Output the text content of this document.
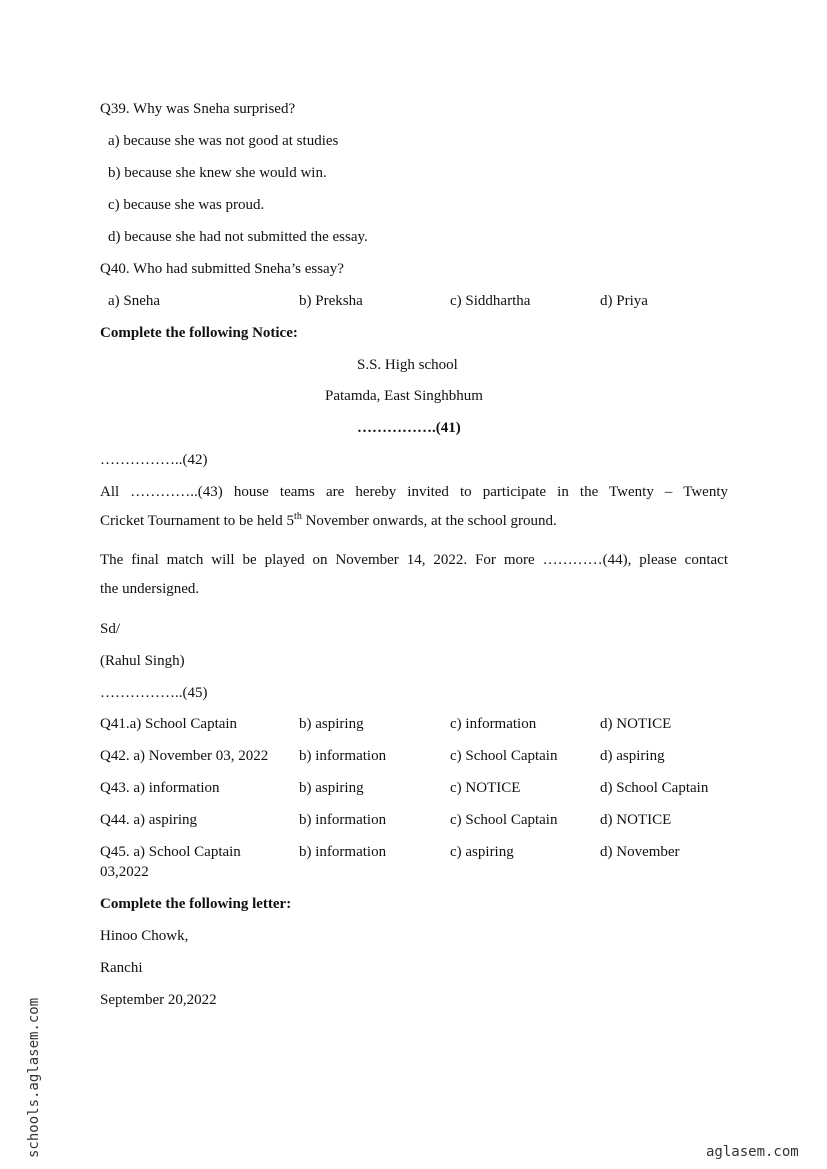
Q39. Why was Sneha surprised?
a) because she was not good at studies
b) because she knew she would win.
c) because she was proud.
d) because she had not submitted the essay.
Q40. Who had submitted Sneha’s essay?
a) Sneha	b) Preksha	c) Siddhartha	d) Priya
Complete the following Notice:
S.S. High school
Patamda, East Singhbhum
…………….(41)
……………..(42)
All …………..(43) house teams are hereby invited to participate in the Twenty – Twenty
Cricket Tournament to be held 5th November onwards, at the school ground.
The final match will be played on November 14, 2022. For more …………(44), please contact
the undersigned.
Sd/
(Rahul Singh)
……………..(45)
Q41.a) School Captain	b) aspiring	c) information	d) NOTICE
Q42. a) November 03, 2022 b) information	c) School Captain	d) aspiring
Q43. a) information	b) aspiring	c) NOTICE	d) School Captain
Q44. a) aspiring	b) information	c) School Captain	d) NOTICE
Q45. a) School Captain	b) information	c) aspiring	d) November
03,2022
Complete the following letter:
Hinoo Chowk,
Ranchi
September 20,2022
schools.aglasem.com	aglasem.com
